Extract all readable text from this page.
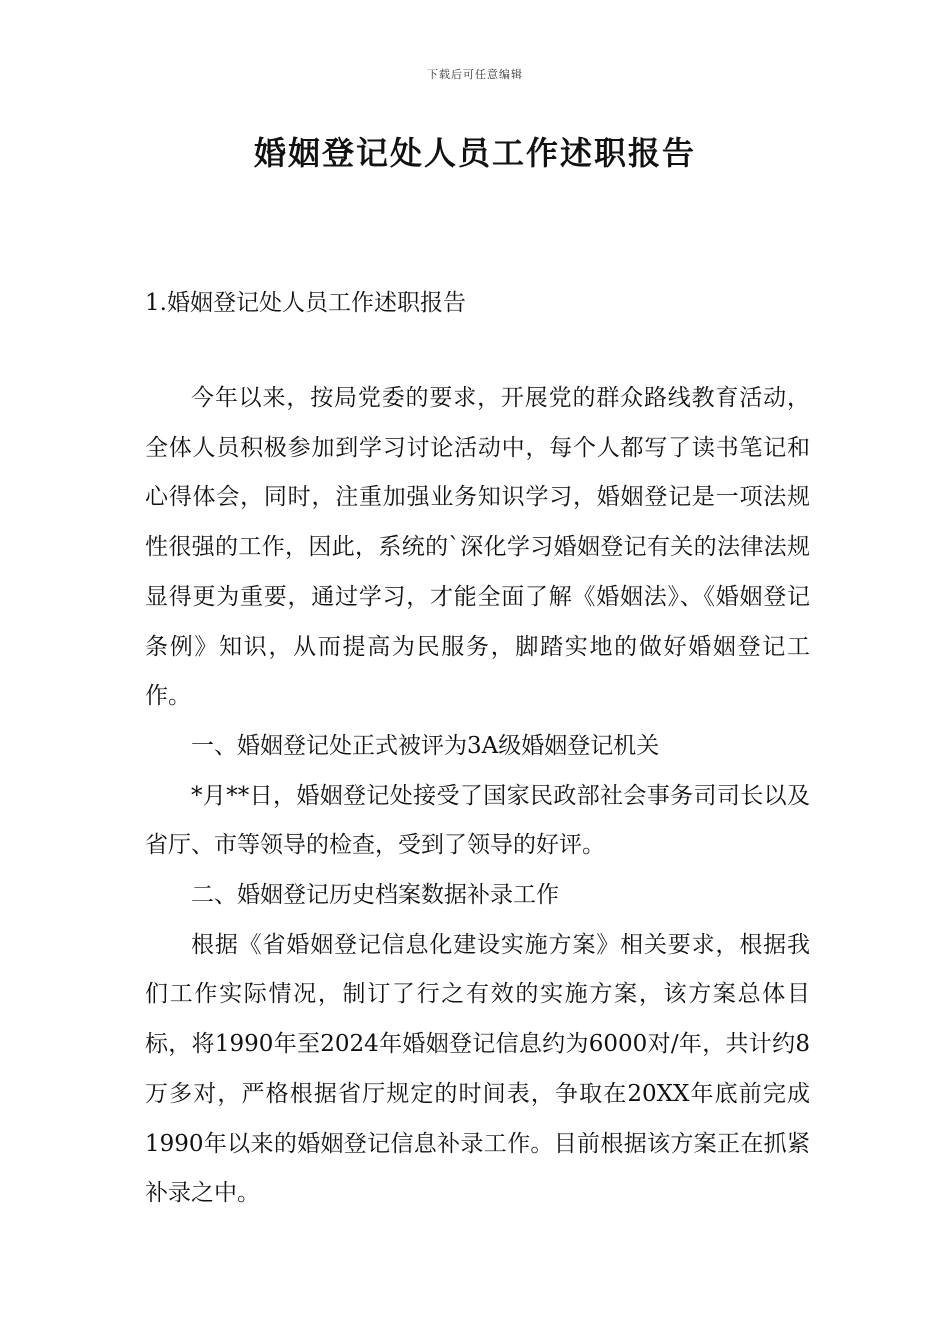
下载后可任意编辑
婚姻登记处人员工作述职报告
1.婚姻登记处人员工作述职报告

今年以来，按局党委的要求，开展党的群众路线教育活动，全体人员积极参加到学习讨论活动中，每个人都写了读书笔记和心得体会，同时，注重加强业务知识学习，婚姻登记是一项法规性很强的工作，因此，系统的`深化学习婚姻登记有关的法律法规显得更为重要，通过学习，才能全面了解《婚姻法》、《婚姻登记条例》知识，从而提高为民服务，脚踏实地的做好婚姻登记工作。

一、婚姻登记处正式被评为3A级婚姻登记机关

*月**日，婚姻登记处接受了国家民政部社会事务司司长以及省厅、市等领导的检查，受到了领导的好评。

二、婚姻登记历史档案数据补录工作

根据《省婚姻登记信息化建设实施方案》相关要求，根据我们工作实际情况，制订了行之有效的实施方案，该方案总体目标，将1990年至2024年婚姻登记信息约为6000对/年，共计约8万多对，严格根据省厅规定的时间表，争取在20XX年底前完成1990年以来的婚姻登记信息补录工作。目前根据该方案正在抓紧补录之中。
